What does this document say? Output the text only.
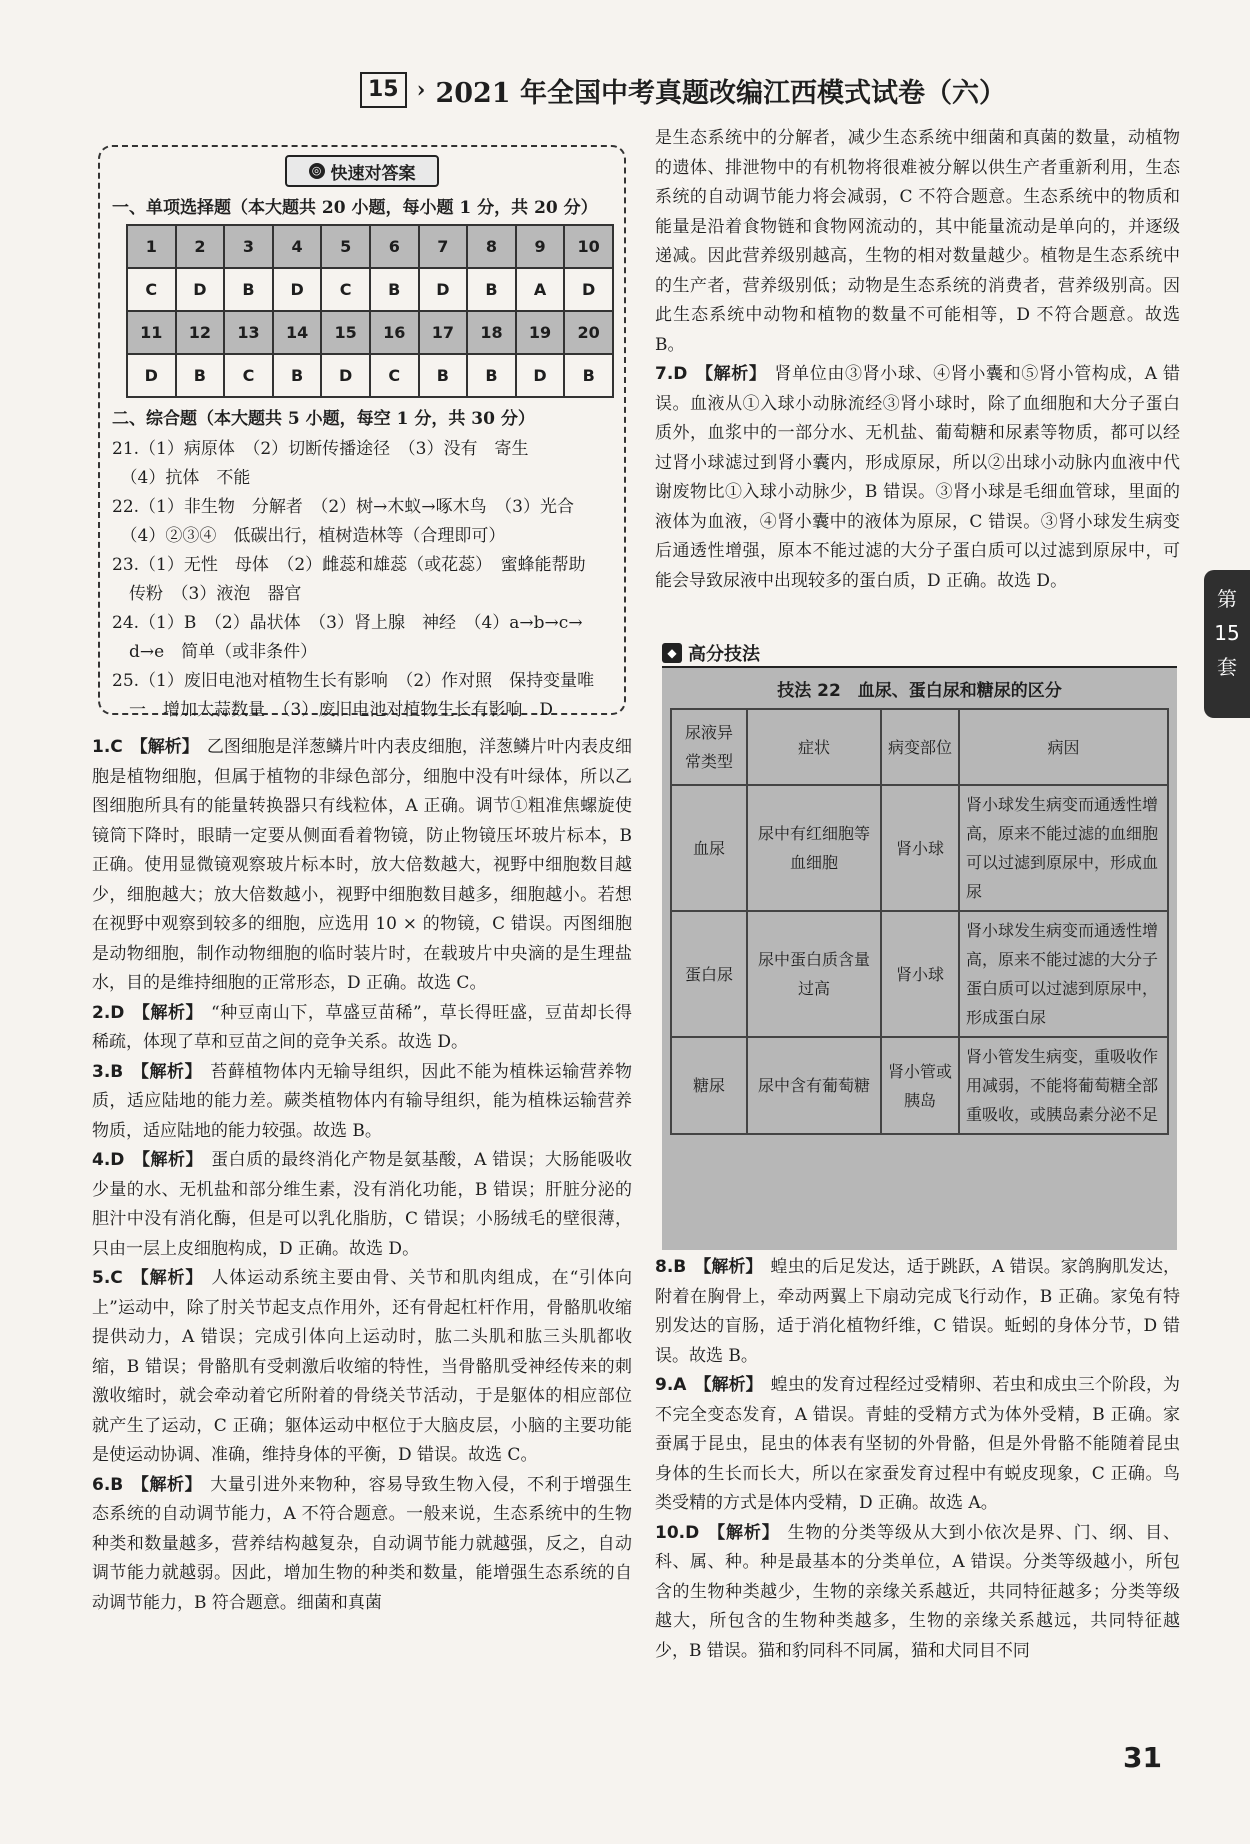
15 › 2021 年全国中考真题改编江西模式试卷（六）
◎ 快速对答案
一、单项选择题（本大题共 20 小题，每小题 1 分，共 20 分）
1	2	3	4	5	6	7	8	9	10
C	D	B	D	C	B	D	B	A	D
11	12	13	14	15	16	17	18	19	20
D	B	C	B	D	C	B	B	D	B
二、综合题（本大题共 5 小题，每空 1 分，共 30 分）
21.（1）病原体　（2）切断传播途径　（3）没有　寄生
　（4）抗体　不能
22.（1）非生物　分解者　（2）树→木蚁→啄木鸟　（3）光合
　（4）②③④　低碳出行，植树造林等（合理即可）
23.（1）无性　母体　（2）雌蕊和雄蕊（或花蕊）　蜜蜂能帮助
　传粉　（3）液泡　器官
24.（1）B　（2）晶状体　（3）肾上腺　神经　（4）a→b→c→
　d→e　简单（或非条件）
25.（1）废旧电池对植物生长有影响　（2）作对照　保持变量唯
　一　增加大蒜数量　（3）废旧电池对植物生长有影响　D

1.C 【解析】 乙图细胞是洋葱鳞片叶内表皮细胞，洋葱鳞片叶内表皮细胞是植物细胞，但属于植物的非绿色部分，细胞中没有叶绿体，所以乙图细胞所具有的能量转换器只有线粒体，A 正确。调节①粗准焦螺旋使镜筒下降时，眼睛一定要从侧面看着物镜，防止物镜压坏玻片标本，B 正确。使用显微镜观察玻片标本时，放大倍数越大，视野中细胞数目越少，细胞越大；放大倍数越小，视野中细胞数目越多，细胞越小。若想在视野中观察到较多的细胞，应选用 10 × 的物镜，C 错误。丙图细胞是动物细胞，制作动物细胞的临时装片时，在载玻片中央滴的是生理盐水，目的是维持细胞的正常形态，D 正确。故选 C。

2.D 【解析】 “种豆南山下，草盛豆苗稀”，草长得旺盛，豆苗却长得稀疏，体现了草和豆苗之间的竞争关系。故选 D。

3.B 【解析】 苔藓植物体内无输导组织，因此不能为植株运输营养物质，适应陆地的能力差。蕨类植物体内有输导组织，能为植株运输营养物质，适应陆地的能力较强。故选 B。

4.D 【解析】 蛋白质的最终消化产物是氨基酸，A 错误；大肠能吸收少量的水、无机盐和部分维生素，没有消化功能，B 错误；肝脏分泌的胆汁中没有消化酶，但是可以乳化脂肪，C 错误；小肠绒毛的壁很薄，只由一层上皮细胞构成，D 正确。故选 D。

5.C 【解析】 人体运动系统主要由骨、关节和肌肉组成，在“引体向上”运动中，除了肘关节起支点作用外，还有骨起杠杆作用，骨骼肌收缩提供动力，A 错误；完成引体向上运动时，肱二头肌和肱三头肌都收缩，B 错误；骨骼肌有受刺激后收缩的特性，当骨骼肌受神经传来的刺激收缩时，就会牵动着它所附着的骨绕关节活动，于是躯体的相应部位就产生了运动，C 正确；躯体运动中枢位于大脑皮层，小脑的主要功能是使运动协调、准确，维持身体的平衡，D 错误。故选 C。

6.B 【解析】 大量引进外来物种，容易导致生物入侵，不利于增强生态系统的自动调节能力，A 不符合题意。一般来说，生态系统中的生物种类和数量越多，营养结构越复杂，自动调节能力就越强，反之，自动调节能力就越弱。因此，增加生物的种类和数量，能增强生态系统的自动调节能力，B 符合题意。细菌和真菌

是生态系统中的分解者，减少生态系统中细菌和真菌的数量，动植物的遗体、排泄物中的有机物将很难被分解以供生产者重新利用，生态系统的自动调节能力将会减弱，C 不符合题意。生态系统中的物质和能量是沿着食物链和食物网流动的，其中能量流动是单向的，并逐级递减。因此营养级别越高，生物的相对数量越少。植物是生态系统中的生产者，营养级别低；动物是生态系统的消费者，营养级别高。因此生态系统中动物和植物的数量不可能相等，D 不符合题意。故选 B。

7.D 【解析】 肾单位由③肾小球、④肾小囊和⑤肾小管构成，A 错误。血液从①入球小动脉流经③肾小球时，除了血细胞和大分子蛋白质外，血浆中的一部分水、无机盐、葡萄糖和尿素等物质，都可以经过肾小球滤过到肾小囊内，形成原尿，所以②出球小动脉内血液中代谢废物比①入球小动脉少，B 错误。③肾小球是毛细血管球，里面的液体为血液，④肾小囊中的液体为原尿，C 错误。③肾小球发生病变后通透性增强，原本不能过滤的大分子蛋白质可以过滤到原尿中，可能会导致尿液中出现较多的蛋白质，D 正确。故选 D。

◆ 高分技法
技法 22　血尿、蛋白尿和糖尿的区分
尿液异常类型	症状	病变部位	病因
血尿	尿中有红细胞等血细胞	肾小球	肾小球发生病变而通透性增高，原来不能过滤的血细胞可以过滤到原尿中，形成血尿
蛋白尿	尿中蛋白质含量过高	肾小球	肾小球发生病变而通透性增高，原来不能过滤的大分子蛋白质可以过滤到原尿中，形成蛋白尿
糖尿	尿中含有葡萄糖	肾小管或胰岛	肾小管发生病变，重吸收作用减弱，不能将葡萄糖全部重吸收，或胰岛素分泌不足

8.B 【解析】 蝗虫的后足发达，适于跳跃，A 错误。家鸽胸肌发达，附着在胸骨上，牵动两翼上下扇动完成飞行动作，B 正确。家兔有特别发达的盲肠，适于消化植物纤维，C 错误。蚯蚓的身体分节，D 错误。故选 B。

9.A 【解析】 蝗虫的发育过程经过受精卵、若虫和成虫三个阶段，为不完全变态发育，A 错误。青蛙的受精方式为体外受精，B 正确。家蚕属于昆虫，昆虫的体表有坚韧的外骨骼，但是外骨骼不能随着昆虫身体的生长而长大，所以在家蚕发育过程中有蜕皮现象，C 正确。鸟类受精的方式是体内受精，D 正确。故选 A。

10.D 【解析】 生物的分类等级从大到小依次是界、门、纲、目、科、属、种。种是最基本的分类单位，A 错误。分类等级越小，所包含的生物种类越少，生物的亲缘关系越近，共同特征越多；分类等级越大，所包含的生物种类越多，生物的亲缘关系越远，共同特征越少，B 错误。猫和豹同科不同属，猫和犬同目不同

第
15
套
31
